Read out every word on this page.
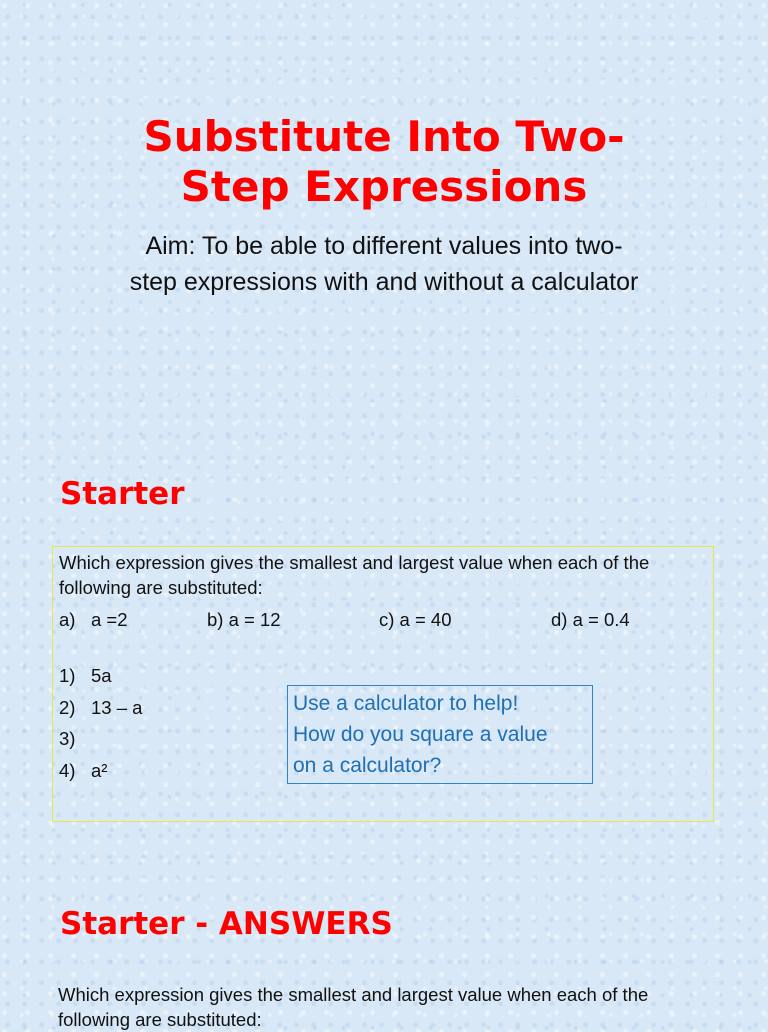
Substitute Into Two-
Step Expressions

Aim: To be able to different values into two-
step expressions with and without a calculator

Starter

Which expression gives the smallest and largest value when each of the following are substituted:

a) a =2	b) a = 12	c) a = 40	d) a = 0.4
1) 5a
2) 13 – a
3)
4) a²
Use a calculator to help!
How do you square a value
on a calculator?
Starter - ANSWERS

Which expression gives the smallest and largest value when each of the following are substituted:
